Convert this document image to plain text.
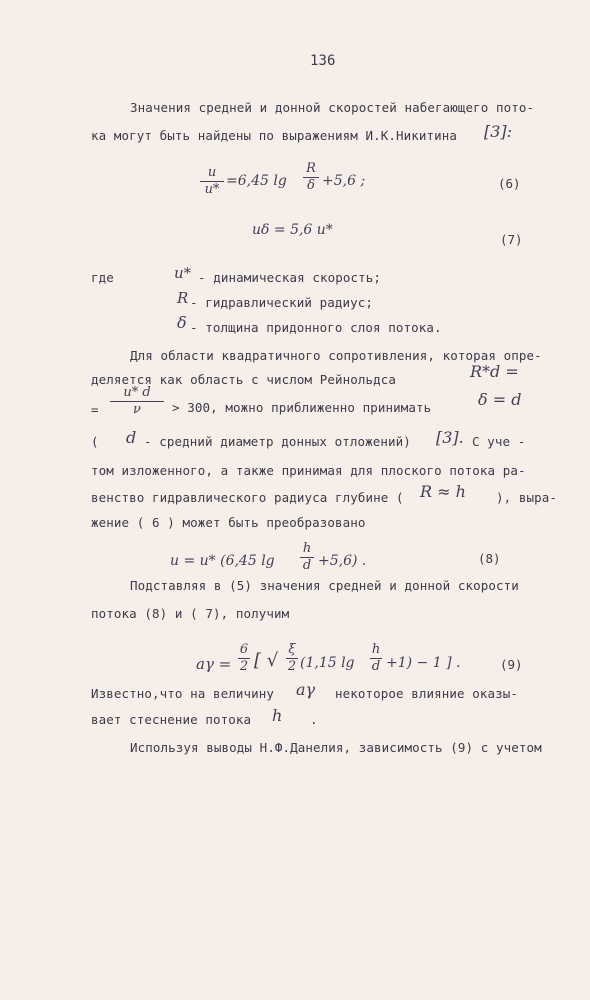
136
Значения средней и донной скоростей набегающего пото-
ка могут быть найдены по выражениям И.К.Никитина [3]:
u
u*
=6,45 lg
R
δ +5,6 ;	(6)
uδ = 5,6 u*
(7)
где	u* - динамическая скорость;
R - гидравлический радиус;
δ - толщина придонного слоя потока.
Для области квадратичного сопротивления, которая опре-
деляется как область с числом Рейнольдса	R*d =
=
u* d
ν	> 300, можно приближенно принимать	δ = d
( d - средний диаметр донных отложений) [3]. С уче -
том изложенного, а также принимая для плоского потока ра-
венство гидравлического радиуса глубине ( R ≈ h ), выра-
жение ( 6 ) может быть преобразовано
u = u* (6,45 lg
h
d +5,6) .	(8)
Подставляя в (5) значения средней и донной скорости
потока (8) и ( 7), получим
aγ =
6
2 [ √
ξ
2 (1,15 lg
h
d +1) − 1 ] .	(9)
Известно,что на величину aγ некоторое влияние оказы-
вает стеснение потока h .
Используя выводы Н.Ф.Данелия, зависимость (9) с учетом
